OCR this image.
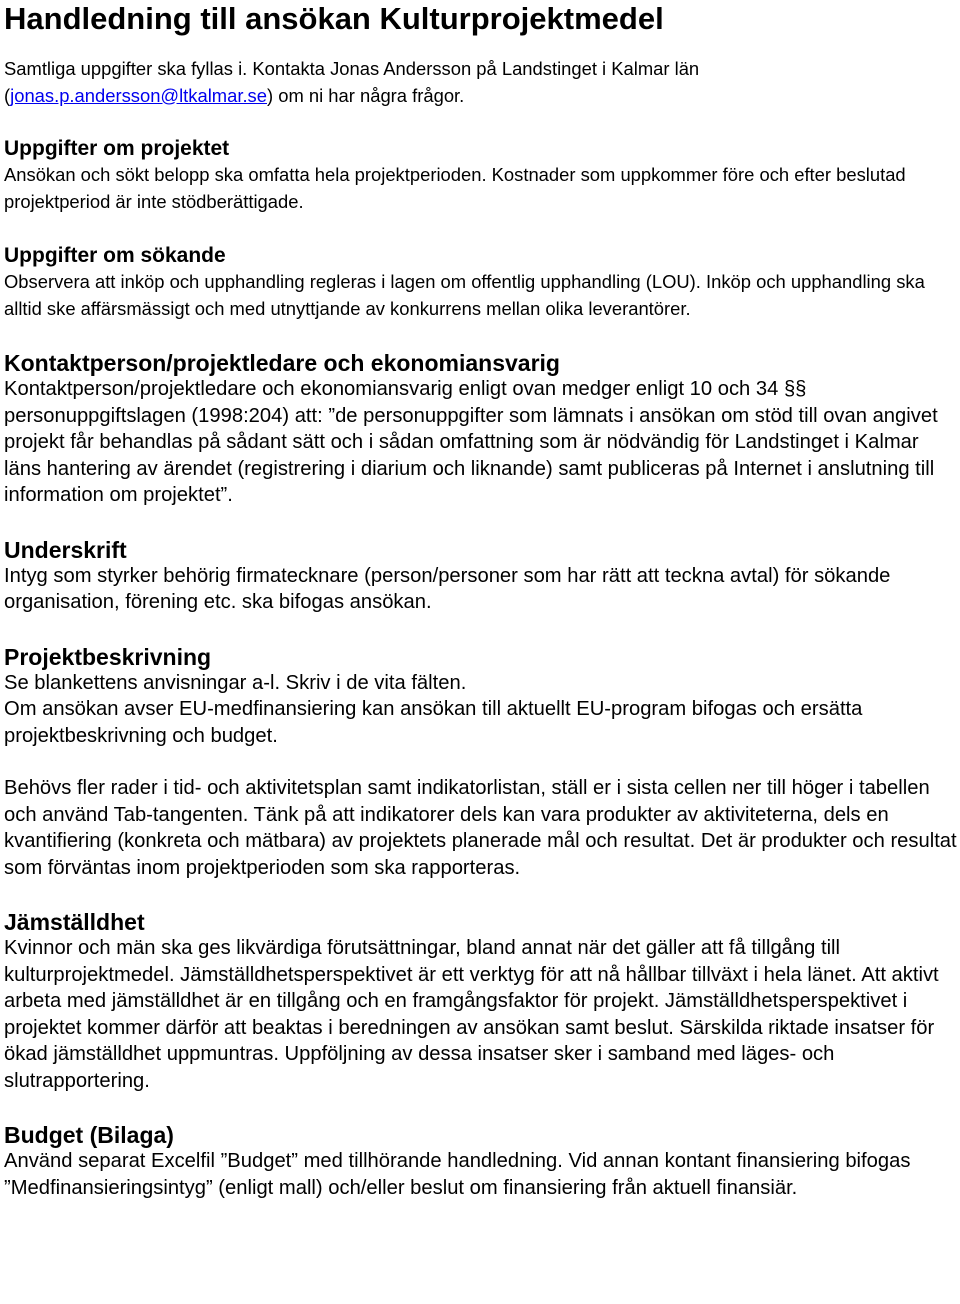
Handledning till ansökan Kulturprojektmedel

Samtliga uppgifter ska fyllas i. Kontakta Jonas Andersson på Landstinget i Kalmar län (jonas.p.andersson@ltkalmar.se) om ni har några frågor.

Uppgifter om projektet

Ansökan och sökt belopp ska omfatta hela projektperioden. Kostnader som uppkommer före och efter beslutad projektperiod är inte stödberättigade.

Uppgifter om sökande

Observera att inköp och upphandling regleras i lagen om offentlig upphandling (LOU). Inköp och upphandling ska alltid ske affärsmässigt och med utnyttjande av konkurrens mellan olika leverantörer.

Kontaktperson/projektledare och ekonomiansvarig

Kontaktperson/projektledare och ekonomiansvarig enligt ovan medger enligt 10 och 34 §§ personuppgiftslagen (1998:204) att: ”de personuppgifter som lämnats i ansökan om stöd till ovan angivet projekt får behandlas på sådant sätt och i sådan omfattning som är nödvändig för Landstinget i Kalmar läns hantering av ärendet (registrering i diarium och liknande) samt publiceras på Internet i anslutning till information om projektet”.

Underskrift

Intyg som styrker behörig firmatecknare (person/personer som har rätt att teckna avtal) för sökande organisation, förening etc. ska bifogas ansökan.

Projektbeskrivning

Se blankettens anvisningar a-l. Skriv i de vita fälten.

Om ansökan avser EU-medfinansiering kan ansökan till aktuellt EU-program bifogas och ersätta projektbeskrivning och budget.

Behövs fler rader i tid- och aktivitetsplan samt indikatorlistan, ställ er i sista cellen ner till höger i tabellen och använd Tab-tangenten. Tänk på att indikatorer dels kan vara produkter av aktiviteterna, dels en kvantifiering (konkreta och mätbara) av projektets planerade mål och resultat. Det är produkter och resultat som förväntas inom projektperioden som ska rapporteras.

Jämställdhet

Kvinnor och män ska ges likvärdiga förutsättningar, bland annat när det gäller att få tillgång till kulturprojektmedel. Jämställdhetsperspektivet är ett verktyg för att nå hållbar tillväxt i hela länet. Att aktivt arbeta med jämställdhet är en tillgång och en framgångsfaktor för projekt. Jämställdhetsperspektivet i projektet kommer därför att beaktas i beredningen av ansökan samt beslut. Särskilda riktade insatser för ökad jämställdhet uppmuntras. Uppföljning av dessa insatser sker i samband med läges- och slutrapportering.

Budget (Bilaga)

Använd separat Excelfil ”Budget” med tillhörande handledning. Vid annan kontant finansiering bifogas ”Medfinansieringsintyg” (enligt mall) och/eller beslut om finansiering från aktuell finansiär.
